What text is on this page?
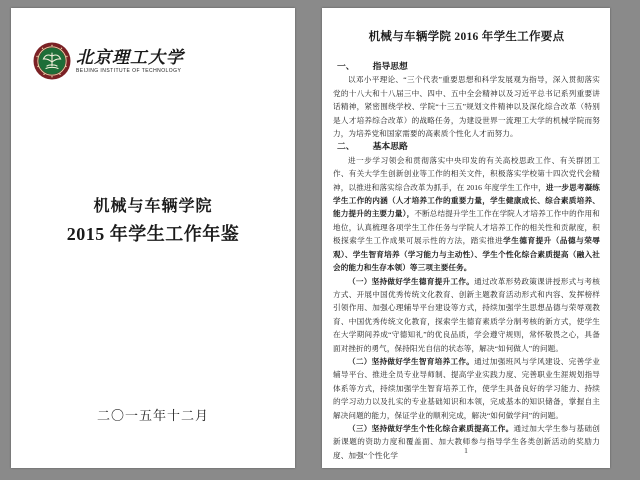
北京理工大学
BEIJING INSTITUTE OF TECHNOLOGY
机械与车辆学院
2015 年学生工作年鉴
二〇一五年十二月
机械与车辆学院 2016 年学生工作要点

一、 指导思想

以邓小平理论、“三个代表”重要思想和科学发展观为指导，深入贯彻落实党的十八大和十八届三中、四中、五中全会精神以及习近平总书记系列重要讲话精神，紧密围绕学校、学院“十三五”规划文件精神以及深化综合改革（特别是人才培养综合改革）的战略任务，为建设世界一流理工大学的机械学院而努力，为培养党和国家需要的高素质个性化人才而努力。

二、 基本思路

进一步学习领会和贯彻落实中央印发的有关高校思政工作、有关群团工作、有关大学生创新创业等工作的相关文件，积极落实学校第十四次党代会精神，以推进和落实综合改革为抓手，在 2016 年度学生工作中，进一步思考凝练学生工作的内涵（人才培养工作的重要力量，学生健康成长、综合素质培养、能力提升的主要力量），不断总结提升学生工作在学院人才培养工作中的作用和地位，认真梳理各项学生工作任务与学院人才培养工作的相关性和贡献度，积极探索学生工作成果可展示性的方法，踏实推进学生德育提升（品德与荣辱观）、学生智育培养（学习能力与主动性）、学生个性化综合素质提高（融入社会的能力和生存本领）等三项主要任务。

（一）坚持做好学生德育提升工作。通过改革形势政策课讲授形式与考核方式、开展中国优秀传统文化教育、创新主题教育活动形式和内容、发挥榜样引领作用、加强心理辅导平台建设等方式，持续加强学生思想品德与荣辱观教育、中国优秀传统文化教育，探索学生德育素质学分制考核的新方式，使学生在大学期间养成“守德知礼”的优良品质，学会遵守规则，常怀敬畏之心，具备面对挫折的勇气，保持阳光自信的状态等，解决“如何做人”的问题。

（二）坚持做好学生智育培养工作。通过加强班风与学风建设、完善学业辅导平台、推进全员专业导师制、提高学业实践力度、完善职业生涯规划指导体系等方式，持续加强学生智育培养工作，使学生具备良好的学习能力、持续的学习动力以及扎实的专业基础知识和本领，完成基本的知识储备，掌握自主解决问题的能力，保证学业的顺利完成，解决“如何做学问”的问题。

（三）坚持做好学生个性化综合素质提高工作。通过加大学生参与基础创新课题的资助力度和覆盖面、加大教师参与指导学生各类创新活动的奖励力度、加强“个性化学

1
